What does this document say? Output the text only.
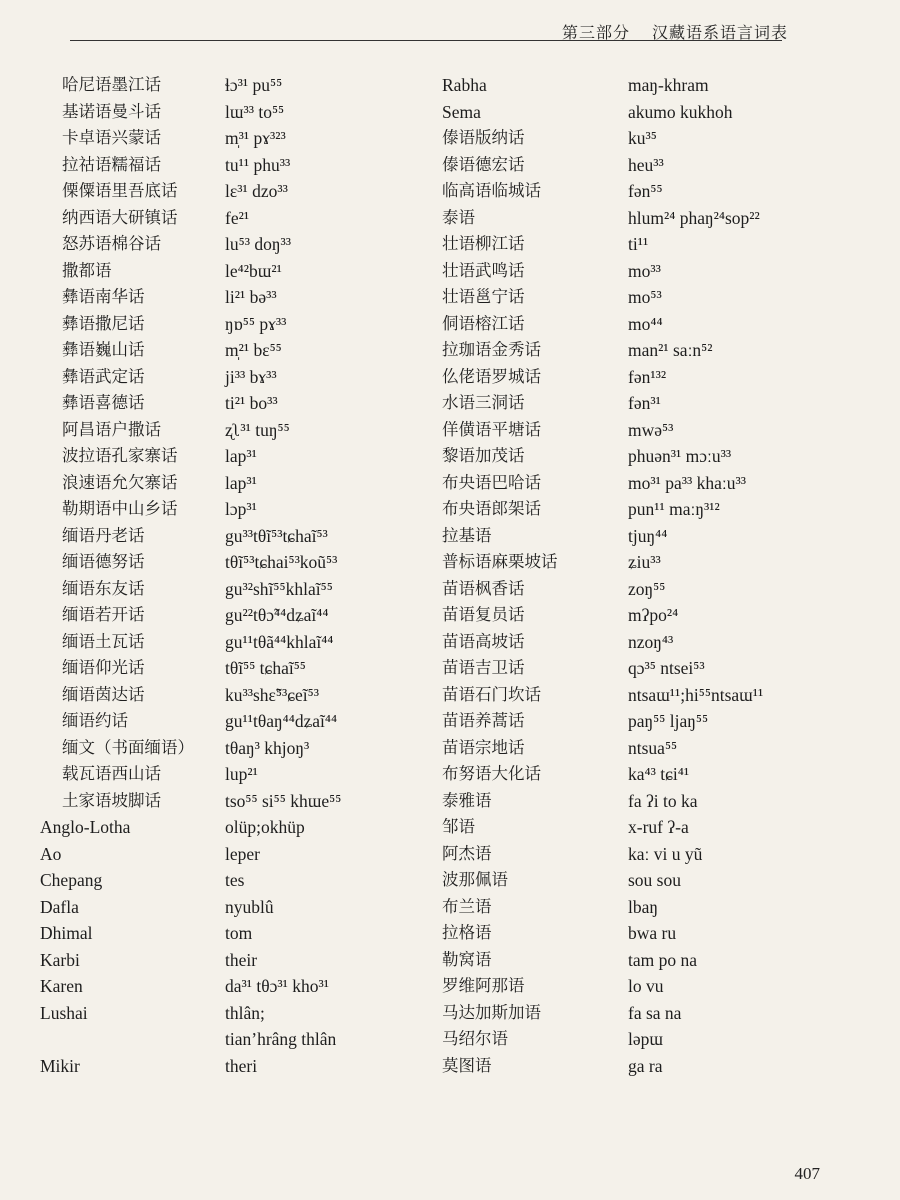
第三部分 汉藏语系语言词表
哈尼语墨江话
基诺语曼斗话
卡卓语兴蒙话
拉祜语糯福话
傈僳语里吾底话
纳西语大研镇话
怒苏语棉谷话
撒都语
彝语南华话
彝语撒尼话
彝语巍山话
彝语武定话
彝语喜德话
阿昌语户撒话
波拉语孔家寨话
浪速语允欠寨话
勒期语中山乡话
缅语丹老话
缅语德努话
缅语东友话
缅语若开话
缅语土瓦话
缅语仰光话
缅语茵达话
缅语约话
缅文（书面缅语）
载瓦语西山话
土家语坡脚话
Anglo-Lotha
Ao
Chepang
Dafla
Dhimal
Karbi
Karen
Lushai
Mikir
ɬɔ³¹ pu⁵⁵
lɯ³³ to⁵⁵
m̩³¹ pɤ³²³
tu¹¹ phu³³
lɛ³¹ dzo³³
fe²¹
lu⁵³ doŋ³³
le⁴²bɯ²¹
li²¹ bə³³
ŋɒ⁵⁵ pɤ³³
m̩²¹ bɛ⁵⁵
ji³³ bɤ³³
ti²¹ bo³³
ʐʅ³¹ tuŋ⁵⁵
lap³¹
lap³¹
lɔp³¹
gu³³tθĩ⁵³tɕhaĩ⁵³
tθĩ⁵³tɕhai⁵³koũ⁵³
gu³²shĩ⁵⁵khlaĩ⁵⁵
gu²²tθɔ̃⁴⁴dʑaĩ⁴⁴
gu¹¹tθã⁴⁴khlaĩ⁴⁴
tθĩ⁵⁵ tɕhaĩ⁵⁵
ku³³shɛ̃⁵³ɕeĩ⁵³
gu¹¹tθaŋ⁴⁴dʑaĩ⁴⁴
tθaŋ³ khjoŋ³
lup²¹
tso⁵⁵ si⁵⁵ khɯe⁵⁵
olüp;okhüp
leper
tes
nyublû
tom
their
da³¹ tθɔ³¹ kho³¹
thlân;
tian’hrâng thlân
theri
Rabha
Sema
傣语版纳话
傣语德宏话
临高语临城话
泰语
壮语柳江话
壮语武鸣话
壮语邕宁话
侗语榕江话
拉珈语金秀话
仫佬语罗城话
水语三洞话
佯僙语平塘话
黎语加茂话
布央语巴哈话
布央语郎架话
拉基语
普标语麻栗坡话
苗语枫香话
苗语复员话
苗语高坡话
苗语吉卫话
苗语石门坎话
苗语养蒿话
苗语宗地话
布努语大化话
泰雅语
邹语
阿杰语
波那佩语
布兰语
拉格语
勒窝语
罗维阿那语
马达加斯加语
马绍尔语
莫图语
maŋ-khram
akumo kukhoh
ku³⁵
heu³³
fən⁵⁵
hlum²⁴ phaŋ²⁴sop²²
ti¹¹
mo³³
mo⁵³
mo⁴⁴
man²¹ saːn⁵²
fən¹³²
fən³¹
mwə⁵³
phuən³¹ mɔːu³³
mo³¹ pa³³ khaːu³³
pun¹¹ maːŋ³¹²
tjuŋ⁴⁴
ʑiu³³
zoŋ⁵⁵
mʔpo²⁴
nzoŋ⁴³
qɔ³⁵ ntsei⁵³
ntsaɯ¹¹;hi⁵⁵ntsaɯ¹¹
paŋ⁵⁵ ljaŋ⁵⁵
ntsua⁵⁵
ka⁴³ tɕi⁴¹
fa ʔi to ka
x-ruf ʔ-a
kaː vi u yũ
sou sou
lbaŋ
bwa ru
tam po na
lo vu
fa sa na
ləpɯ
ga ra
407
